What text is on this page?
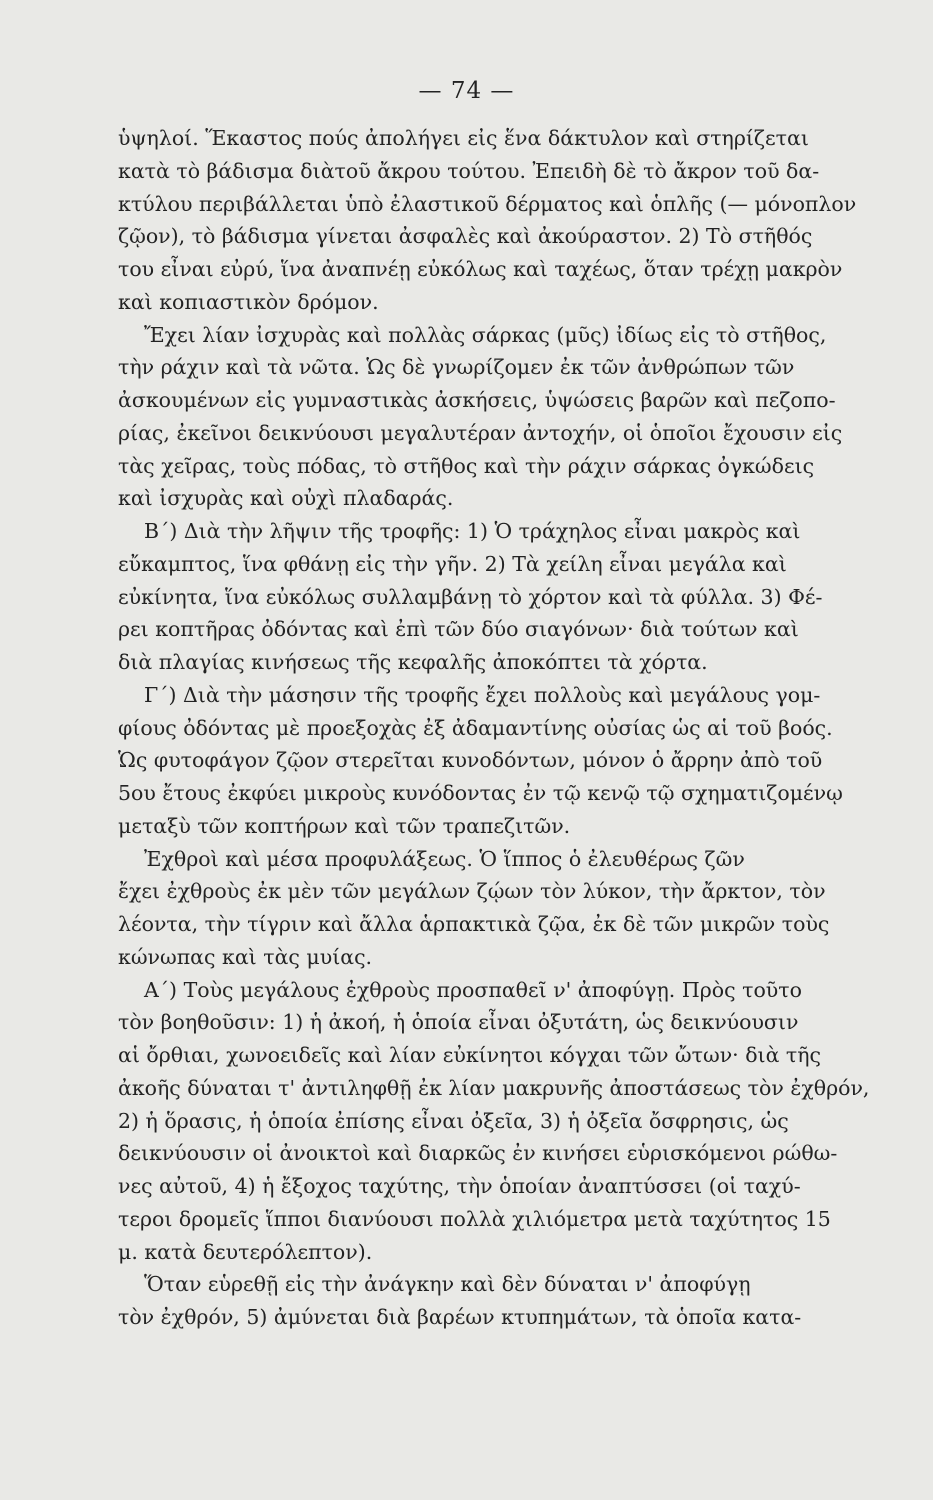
— 74 —
ὑψηλοί. Ἕκαστος πούς ἀπολήγει εἰς ἕνα δάκτυλον καὶ στηρίζεται
κατὰ τὸ βάδισμα διὰτοῦ ἄκρου τούτου. Ἐπειδὴ δὲ τὸ ἄκρον τοῦ δα-
κτύλου περιβάλλεται ὑπὸ ἐλαστικοῦ δέρματος καὶ ὁπλῆς (— μόνοπλον
ζῷον), τὸ βάδισμα γίνεται ἀσφαλὲς καὶ ἀκούραστον. 2) Τὸ στῆθός
του εἶναι εὐρύ, ἵνα ἀναπνέῃ εὐκόλως καὶ ταχέως, ὅταν τρέχῃ μακρὸν
καὶ κοπιαστικὸν δρόμον.
Ἔχει λίαν ἰσχυρὰς καὶ πολλὰς σάρκας (μῦς) ἰδίως εἰς τὸ στῆθος,
τὴν ράχιν καὶ τὰ νῶτα. Ὡς δὲ γνωρίζομεν ἐκ τῶν ἀνθρώπων τῶν
ἀσκουμένων εἰς γυμναστικὰς ἀσκήσεις, ὑψώσεις βαρῶν καὶ πεζοπο-
ρίας, ἐκεῖνοι δεικνύουσι μεγαλυτέραν ἀντοχήν, οἱ ὁποῖοι ἔχουσιν εἰς
τὰς χεῖρας, τοὺς πόδας, τὸ στῆθος καὶ τὴν ράχιν σάρκας ὀγκώδεις
καὶ ἰσχυρὰς καὶ οὐχὶ πλαδαράς.
Β΄) Διὰ τὴν λῆψιν τῆς τροφῆς: 1) Ὁ τράχηλος εἶναι μακρὸς καὶ
εὔκαμπτος, ἵνα φθάνῃ εἰς τὴν γῆν. 2) Τὰ χείλη εἶναι μεγάλα καὶ
εὐκίνητα, ἵνα εὐκόλως συλλαμβάνῃ τὸ χόρτον καὶ τὰ φύλλα. 3) Φέ-
ρει κοπτῆρας ὀδόντας καὶ ἐπὶ τῶν δύο σιαγόνων· διὰ τούτων καὶ
διὰ πλαγίας κινήσεως τῆς κεφαλῆς ἀποκόπτει τὰ χόρτα.
Γ΄) Διὰ τὴν μάσησιν τῆς τροφῆς ἔχει πολλοὺς καὶ μεγάλους γομ-
φίους ὀδόντας μὲ προεξοχὰς ἐξ ἀδαμαντίνης οὐσίας ὡς αἱ τοῦ βοός.
Ὡς φυτοφάγον ζῷον στερεῖται κυνοδόντων, μόνον ὁ ἄρρην ἀπὸ τοῦ
5ου ἔτους ἐκφύει μικροὺς κυνόδοντας ἐν τῷ κενῷ τῷ σχηματιζομένῳ
μεταξὺ τῶν κοπτήρων καὶ τῶν τραπεζιτῶν.
Ἐχθροὶ καὶ μέσα προφυλάξεως. Ὁ ἵππος ὁ ἐλευθέρως ζῶν
ἔχει ἐχθροὺς ἐκ μὲν τῶν μεγάλων ζῴων τὸν λύκον, τὴν ἄρκτον, τὸν
λέοντα, τὴν τίγριν καὶ ἄλλα ἁρπακτικὰ ζῷα, ἐκ δὲ τῶν μικρῶν τοὺς
κώνωπας καὶ τὰς μυίας.
Α΄) Τοὺς μεγάλους ἐχθροὺς προσπαθεῖ ν' ἀποφύγῃ. Πρὸς τοῦτο
τὸν βοηθοῦσιν: 1) ἡ ἀκοή, ἡ ὁποία εἶναι ὀξυτάτη, ὡς δεικνύουσιν
αἱ ὄρθιαι, χωνοειδεῖς καὶ λίαν εὐκίνητοι κόγχαι τῶν ὤτων· διὰ τῆς
ἀκοῆς δύναται τ' ἀντιληφθῇ ἐκ λίαν μακρυνῆς ἀποστάσεως τὸν ἐχθρόν,
2) ἡ ὅρασις, ἡ ὁποία ἐπίσης εἶναι ὀξεῖα, 3) ἡ ὀξεῖα ὄσφρησις, ὡς
δεικνύουσιν οἱ ἀνοικτοὶ καὶ διαρκῶς ἐν κινήσει εὑρισκόμενοι ρώθω-
νες αὐτοῦ, 4) ἡ ἔξοχος ταχύτης, τὴν ὁποίαν ἀναπτύσσει (οἱ ταχύ-
τεροι δρομεῖς ἵπποι διανύουσι πολλὰ χιλιόμετρα μετὰ ταχύτητος 15
μ. κατὰ δευτερόλεπτον).
Ὅταν εὑρεθῇ εἰς τὴν ἀνάγκην καὶ δὲν δύναται ν' ἀποφύγῃ
τὸν ἐχθρόν, 5) ἀμύνεται διὰ βαρέων κτυπημάτων, τὰ ὁποῖα κατα-
